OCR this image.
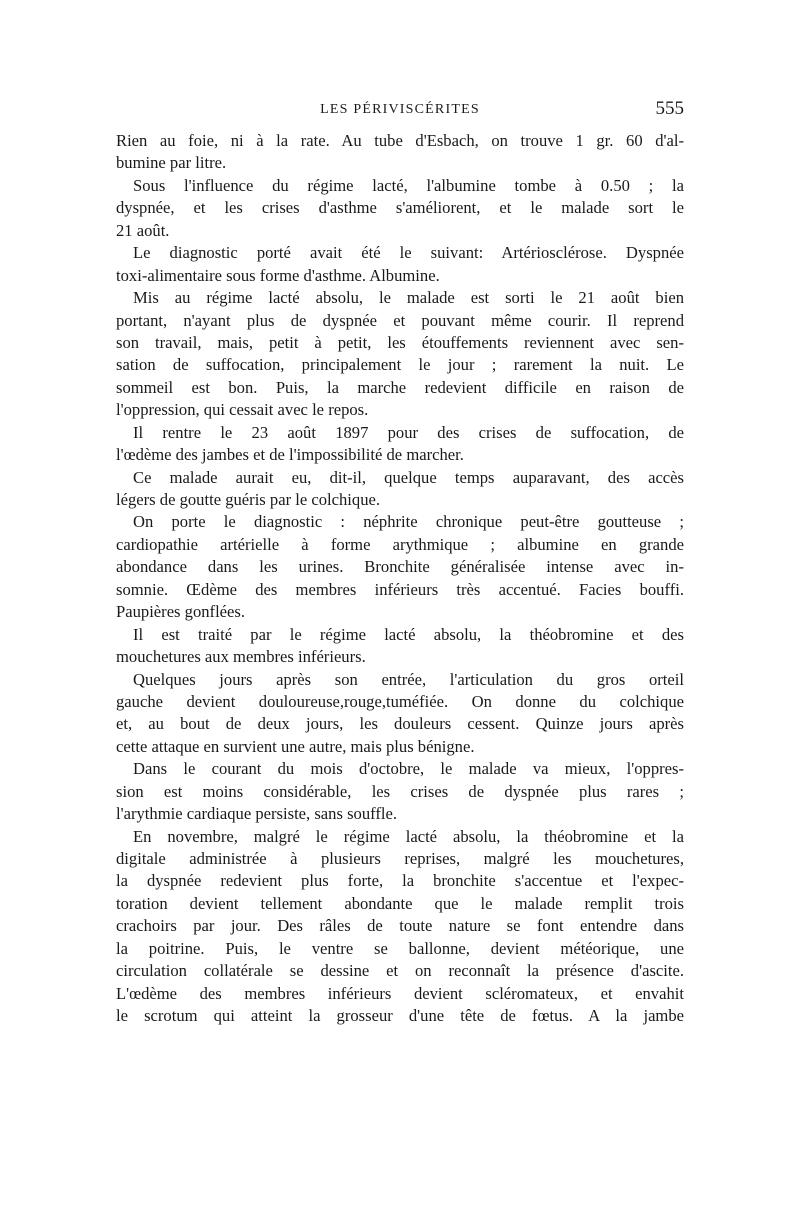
LES PÉRIVISCÉRITES	555
Rien au foie, ni à la rate. Au tube d'Esbach, on trouve 1 gr. 60 d'al-
bumine par litre.
Sous l'influence du régime lacté, l'albumine tombe à 0.50 ; la
dyspnée, et les crises d'asthme s'améliorent, et le malade sort le
21 août.
Le diagnostic porté avait été le suivant: Artériosclérose. Dyspnée
toxi-alimentaire sous forme d'asthme. Albumine.
Mis au régime lacté absolu, le malade est sorti le 21 août bien
portant, n'ayant plus de dyspnée et pouvant même courir. Il reprend
son travail, mais, petit à petit, les étouffements reviennent avec sen-
sation de suffocation, principalement le jour ; rarement la nuit. Le
sommeil est bon. Puis, la marche redevient difficile en raison de
l'oppression, qui cessait avec le repos.
Il rentre le 23 août 1897 pour des crises de suffocation, de
l'œdème des jambes et de l'impossibilité de marcher.
Ce malade aurait eu, dit-il, quelque temps auparavant, des accès
légers de goutte guéris par le colchique.
On porte le diagnostic : néphrite chronique peut-être goutteuse ;
cardiopathie artérielle à forme arythmique ; albumine en grande
abondance dans les urines. Bronchite généralisée intense avec in-
somnie. Œdème des membres inférieurs très accentué. Facies bouffi.
Paupières gonflées.
Il est traité par le régime lacté absolu, la théobromine et des
mouchetures aux membres inférieurs.
Quelques jours après son entrée, l'articulation du gros orteil
gauche devient douloureuse,rouge,tuméfiée. On donne du colchique
et, au bout de deux jours, les douleurs cessent. Quinze jours après
cette attaque en survient une autre, mais plus bénigne.
Dans le courant du mois d'octobre, le malade va mieux, l'oppres-
sion est moins considérable, les crises de dyspnée plus rares ;
l'arythmie cardiaque persiste, sans souffle.
En novembre, malgré le régime lacté absolu, la théobromine et la
digitale administrée à plusieurs reprises, malgré les mouchetures,
la dyspnée redevient plus forte, la bronchite s'accentue et l'expec-
toration devient tellement abondante que le malade remplit trois
crachoirs par jour. Des râles de toute nature se font entendre dans
la poitrine. Puis, le ventre se ballonne, devient météorique, une
circulation collatérale se dessine et on reconnaît la présence d'ascite.
L'œdème des membres inférieurs devient scléromateux, et envahit
le scrotum qui atteint la grosseur d'une tête de fœtus. A la jambe
